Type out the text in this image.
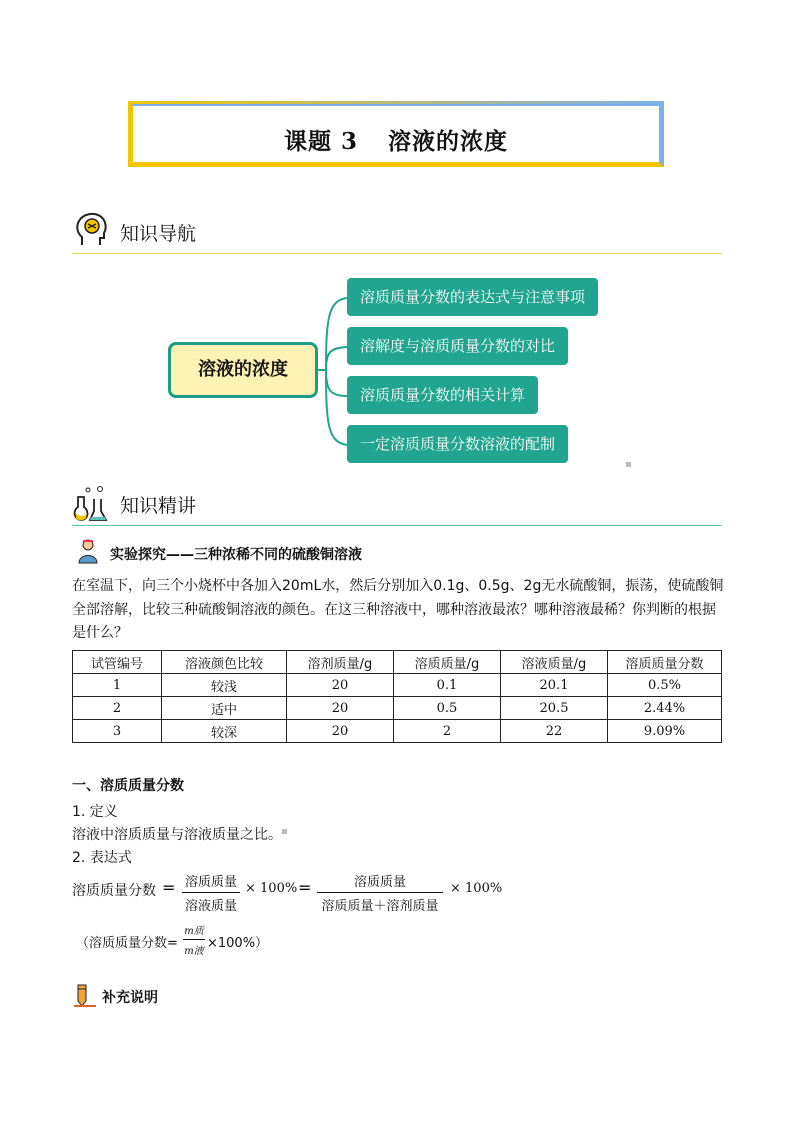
课题 3 溶液的浓度
知识导航
溶液的浓度
溶质质量分数的表达式与注意事项
溶解度与溶质质量分数的对比
溶质质量分数的相关计算
一定溶质质量分数溶液的配制
知识精讲
实验探究——三种浓稀不同的硫酸铜溶液
在室温下，向三个小烧杯中各加入20mL水，然后分别加入0.1g、0.5g、2g无水硫酸铜，振荡，使硫酸铜全部溶解，比较三种硫酸铜溶液的颜色。在这三种溶液中，哪种溶液最浓？哪种溶液最稀？你判断的根据是什么？
试管编号	溶液颜色比较	溶剂质量/g	溶质质量/g	溶液质量/g	溶质质量分数
1	较浅	20	0.1	20.1	0.5%
2	适中	20	0.5	20.5	2.44%
3	较深	20	2	22	9.09%
一、溶质质量分数
1. 定义
溶液中溶质质量与溶液质量之比。
2. 表达式
溶质质量分数 = 溶质质量
溶液质量
× 100% =	溶质质量
溶质质量＋溶剂质量
× 100%
（溶质质量分数=
m质
m液
×100%）
补充说明
